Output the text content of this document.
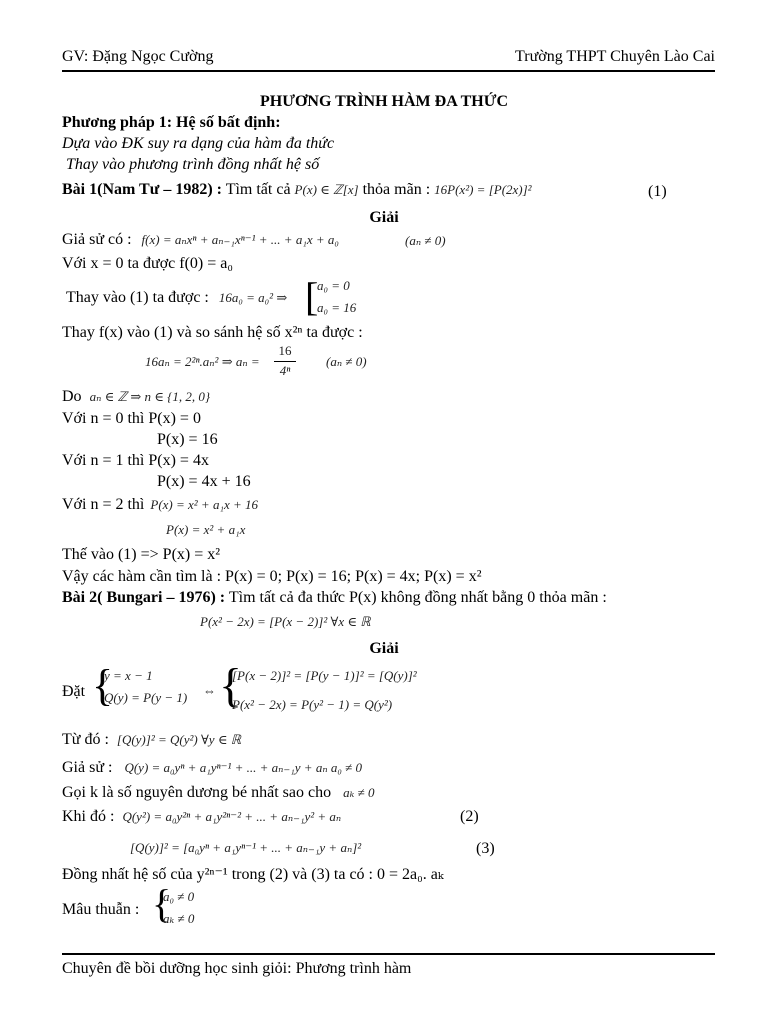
GV: Đặng Ngọc Cường	Trường THPT Chuyên Lào Cai
PHƯƠNG TRÌNH HÀM ĐA THỨC
Phương pháp 1: Hệ số bất định:
Dựa vào ĐK suy ra dạng của hàm đa thức
Thay vào phương trình đồng nhất hệ số
Bài 1(Nam Tư – 1982) : Tìm tất cả P(x) ∈ ℤ[x] thỏa mãn : 16P(x²) = [P(2x)]²	(1)
Giải
Giả sử có : f(x) = aₙxⁿ + aₙ₋₁xⁿ⁻¹ + ... + a₁x + a₀	(aₙ ≠ 0)
Với x = 0 ta được f(0) = a₀
Thay vào (1) ta được : 16a₀ = a₀² ⇒ [
a₀ = 0
a₀ = 16
Thay f(x) vào (1) và so sánh hệ số x²ⁿ ta được :
16aₙ = 2²ⁿ.aₙ² ⇒ aₙ =
16
4ⁿ
(aₙ ≠ 0)
Do aₙ ∈ ℤ ⇒ n ∈ {1, 2, 0}
Với n = 0 thì P(x) = 0
P(x) = 16
Với n = 1 thì P(x) = 4x
P(x) = 4x + 16
Với n = 2 thì P(x) = x² + a₁x + 16
P(x) = x² + a₁x
Thế vào (1) => P(x) = x²
Vậy các hàm cần tìm là : P(x) = 0; P(x) = 16; P(x) = 4x; P(x) = x²
Bài 2( Bungari – 1976) : Tìm tất cả đa thức P(x) không đồng nhất bằng 0 thỏa mãn :
P(x² − 2x) = [P(x − 2)]² ∀x ∈ ℝ
Giải
Đặt {
y = x − 1
Q(y) = P(y − 1) ⇔ {
[P(x − 2)]² = [P(y − 1)]² = [Q(y)]²
P(x² − 2x) = P(y² − 1) = Q(y²)
Từ đó : [Q(y)]² = Q(y²) ∀y ∈ ℝ
Giả sử : Q(y) = a₀yⁿ + a₁yⁿ⁻¹ + ... + aₙ₋₁y + aₙ a₀ ≠ 0
Gọi k là số nguyên dương bé nhất sao cho aₖ ≠ 0
Khi đó : Q(y²) = a₀y²ⁿ + a₁y²ⁿ⁻² + ... + aₙ₋₁y² + aₙ	(2)
[Q(y)]² = [a₀yⁿ + a₁yⁿ⁻¹ + ... + aₙ₋₁y + aₙ]²	(3)
Đồng nhất hệ số của y²ⁿ⁻¹ trong (2) và (3) ta có : 0 = 2a₀. aₖ
Mâu thuẫn : {
a₀ ≠ 0
aₖ ≠ 0
Chuyên đề bồi dưỡng học sinh giỏi: Phương trình hàm
